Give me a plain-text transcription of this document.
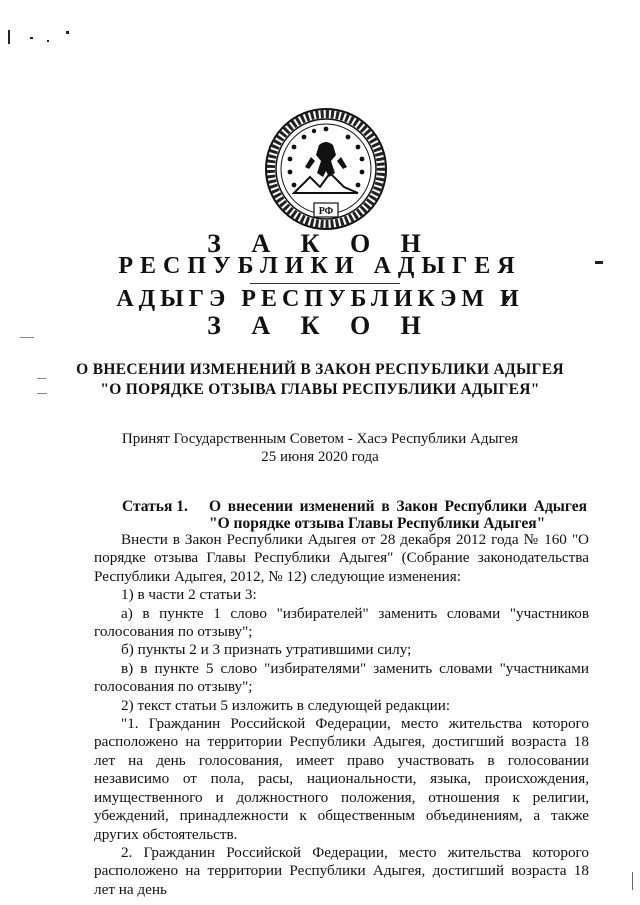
РФ
З А К О Н
РЕСПУБЛИКИ АДЫГЕЯ
АДЫГЭ РЕСПУБЛИКЭМ И
З А К О Н
О ВНЕСЕНИИ ИЗМЕНЕНИЙ В ЗАКОН РЕСПУБЛИКИ АДЫГЕЯ
"О ПОРЯДКЕ ОТЗЫВА ГЛАВЫ РЕСПУБЛИКИ АДЫГЕЯ"
Принят Государственным Советом - Хасэ Республики Адыгея
25 июня 2020 года
Статья 1. О внесении изменений в Закон Республики Адыгея
"О порядке отзыва Главы Республики Адыгея"

Внести в Закон Республики Адыгея от 28 декабря 2012 года № 160 "О порядке отзыва Главы Республики Адыгея" (Собрание законодательства Республики Адыгея, 2012, № 12) следующие изменения:

1) в части 2 статьи 3:

а) в пункте 1 слово "избирателей" заменить словами "участников голосования по отзыву";

б) пункты 2 и 3 признать утратившими силу;

в) в пункте 5 слово "избирателями" заменить словами "участниками голосования по отзыву";

2) текст статьи 5 изложить в следующей редакции:

"1. Гражданин Российской Федерации, место жительства которого расположено на территории Республики Адыгея, достигший возраста 18 лет на день голосования, имеет право участвовать в голосовании независимо от пола, расы, национальности, языка, происхождения, имущественного и должностного положения, отношения к религии, убеждений, принадлежности к общественным объединениям, а также других обстоятельств.

2. Гражданин Российской Федерации, место жительства которого расположено на территории Республики Адыгея, достигший возраста 18 лет на день
